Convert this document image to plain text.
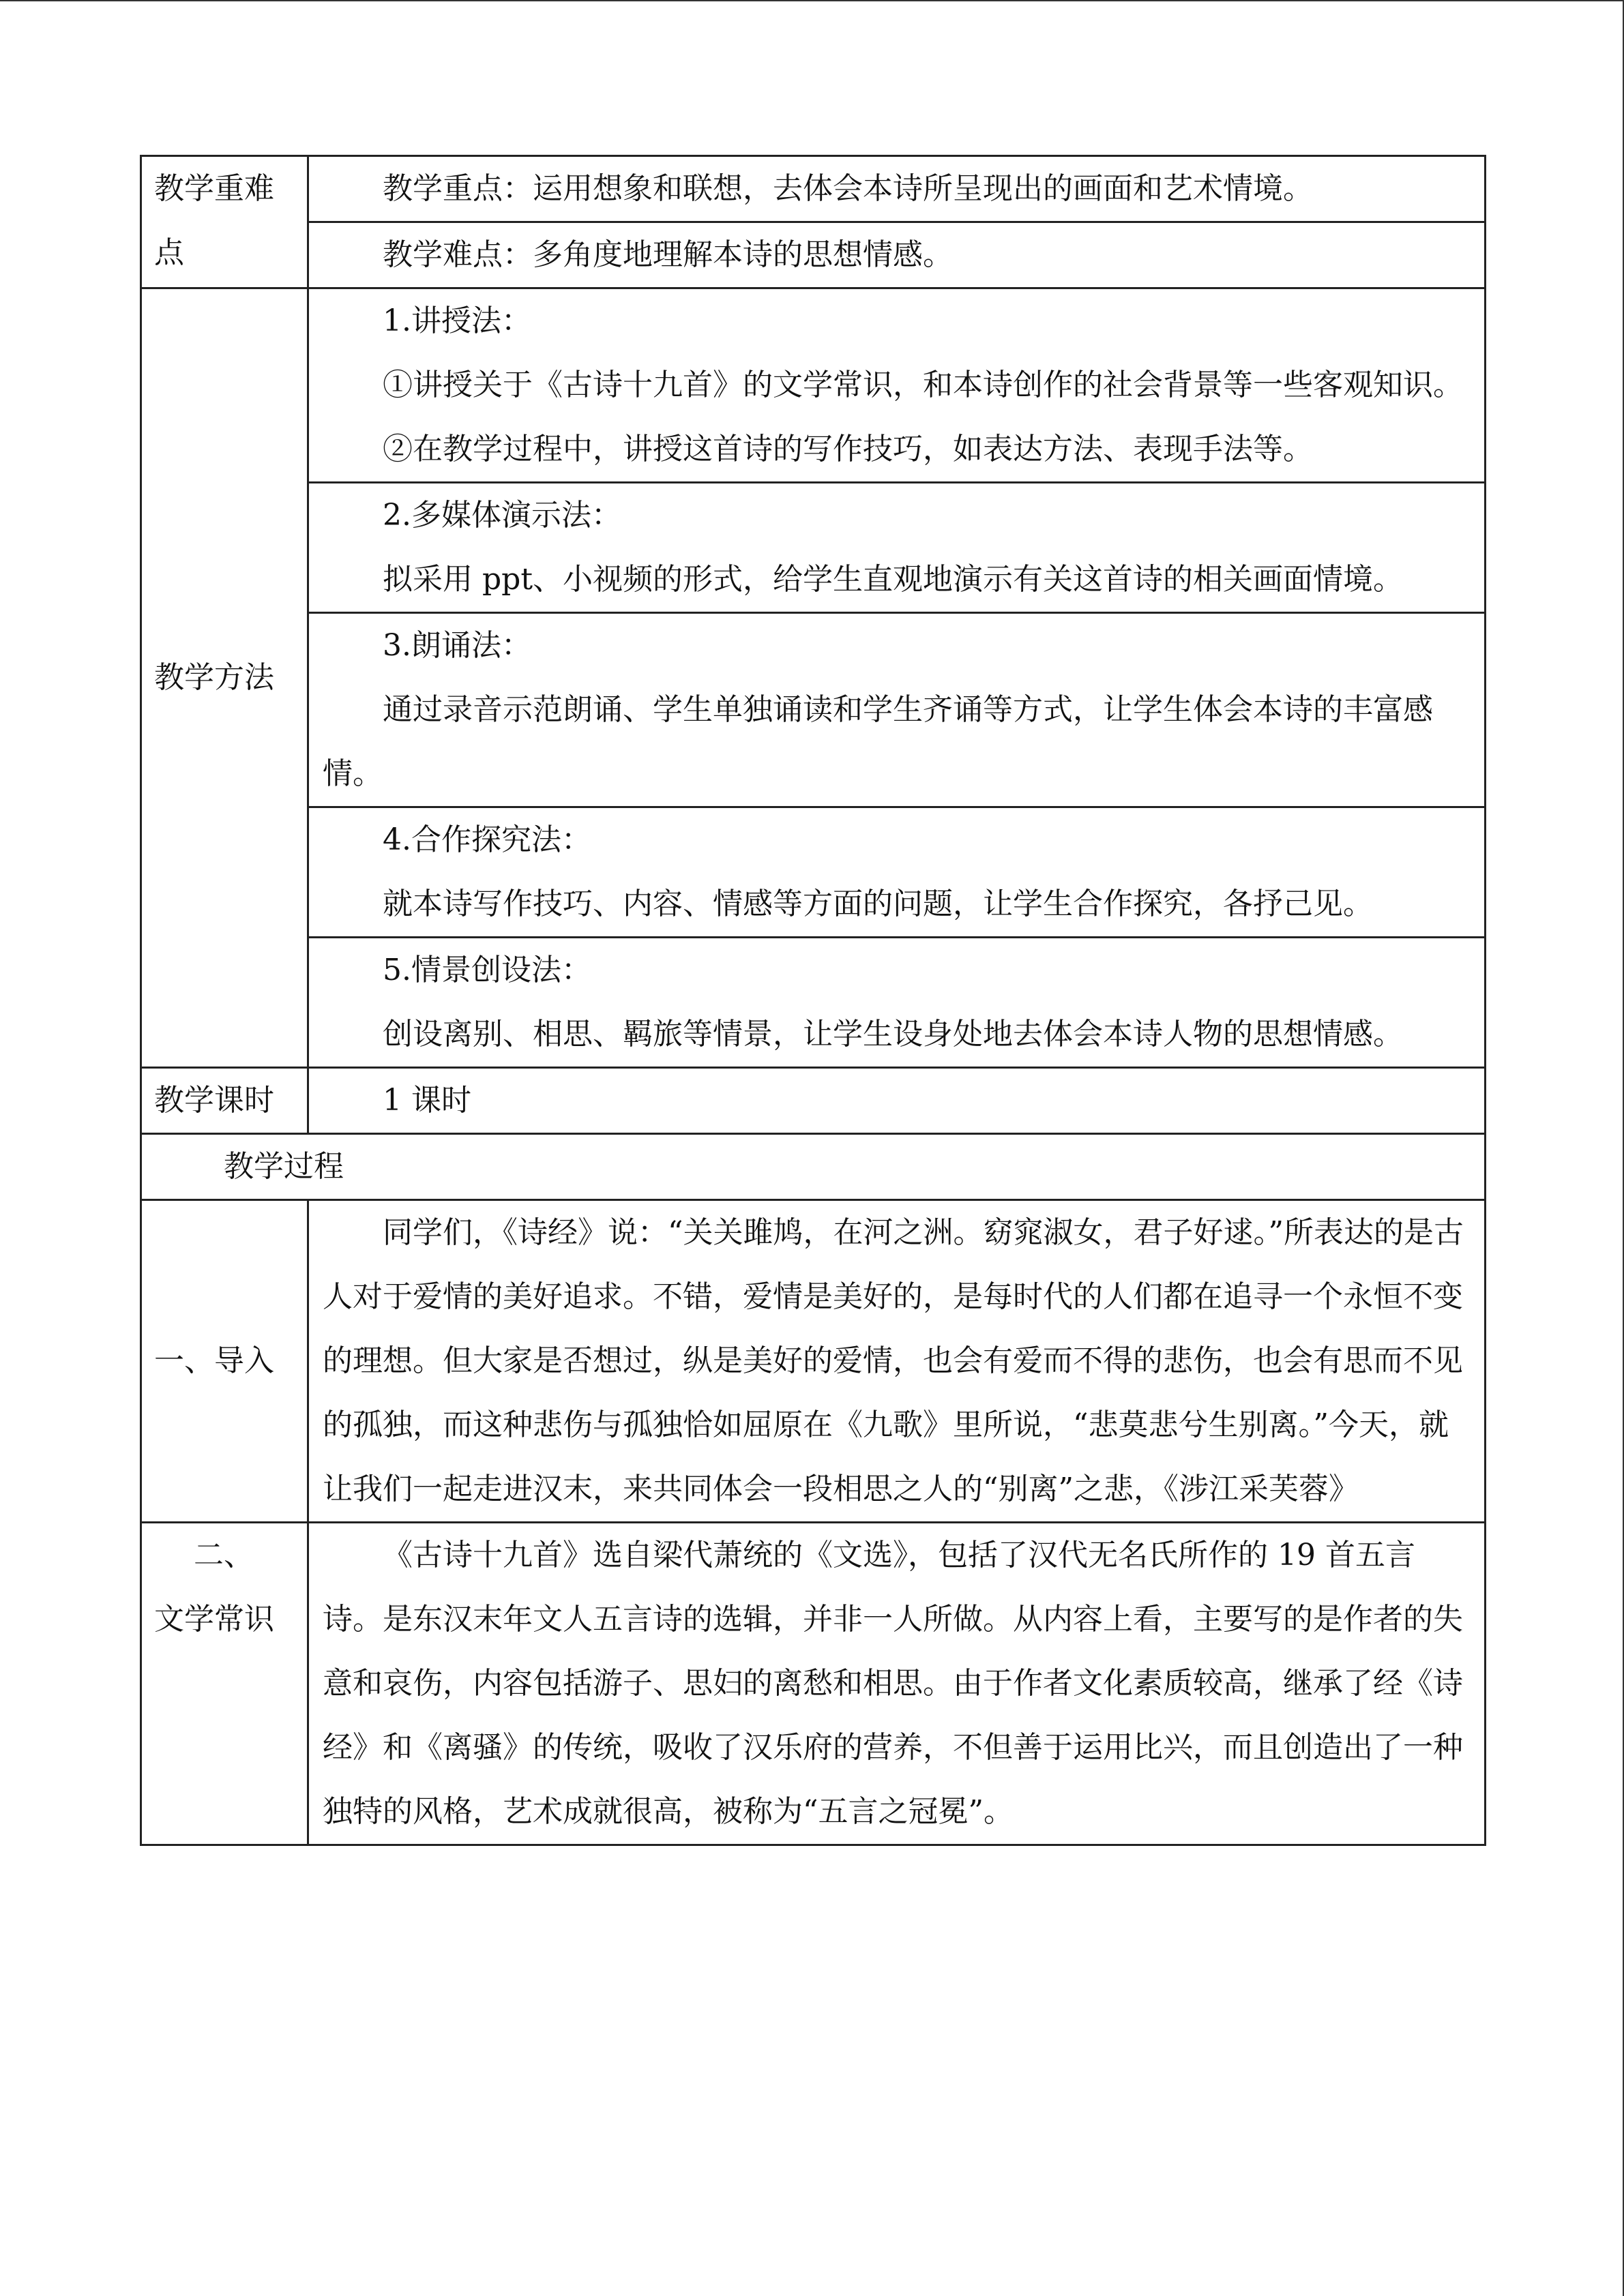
教学重难点	教学重点：运用想象和联想，去体会本诗所呈现出的画面和艺术情境。

	教学难点：多角度地理解本诗的思想情感。

教学方法	1.讲授法：

①讲授关于《古诗十九首》的文学常识，和本诗创作的社会背景等一些客观知识。

②在教学过程中，讲授这首诗的写作技巧，如表达方法、表现手法等。

	2.多媒体演示法：

拟采用 ppt、小视频的形式，给学生直观地演示有关这首诗的相关画面情境。

	3.朗诵法：

通过录音示范朗诵、学生单独诵读和学生齐诵等方式，让学生体会本诗的丰富感情。

	4.合作探究法：

就本诗写作技巧、内容、情感等方面的问题，让学生合作探究，各抒己见。

	5.情景创设法：

创设离别、相思、羁旅等情景，让学生设身处地去体会本诗人物的思想情感。

教学课时	1 课时

教学过程	
一、导入	同学们，《诗经》说：“关关雎鸠，在河之洲。窈窕淑女，君子好逑。”所表达的是古人对于爱情的美好追求。不错，爱情是美好的，是每时代的人们都在追寻一个永恒不变的理想。但大家是否想过，纵是美好的爱情，也会有爱而不得的悲伤，也会有思而不见的孤独，而这种悲伤与孤独恰如屈原在《九歌》里所说，“悲莫悲兮生别离。”今天，就让我们一起走进汉末，来共同体会一段相思之人的“别离”之悲，《涉江采芙蓉》

二、
文学常识	《古诗十九首》选自梁代萧统的《文选》，包括了汉代无名氏所作的 19 首五言诗。是东汉末年文人五言诗的选辑，并非一人所做。从内容上看，主要写的是作者的失意和哀伤，内容包括游子、思妇的离愁和相思。由于作者文化素质较高，继承了经《诗经》和《离骚》的传统，吸收了汉乐府的营养，不但善于运用比兴，而且创造出了一种独特的风格，艺术成就很高，被称为“五言之冠冕”。
